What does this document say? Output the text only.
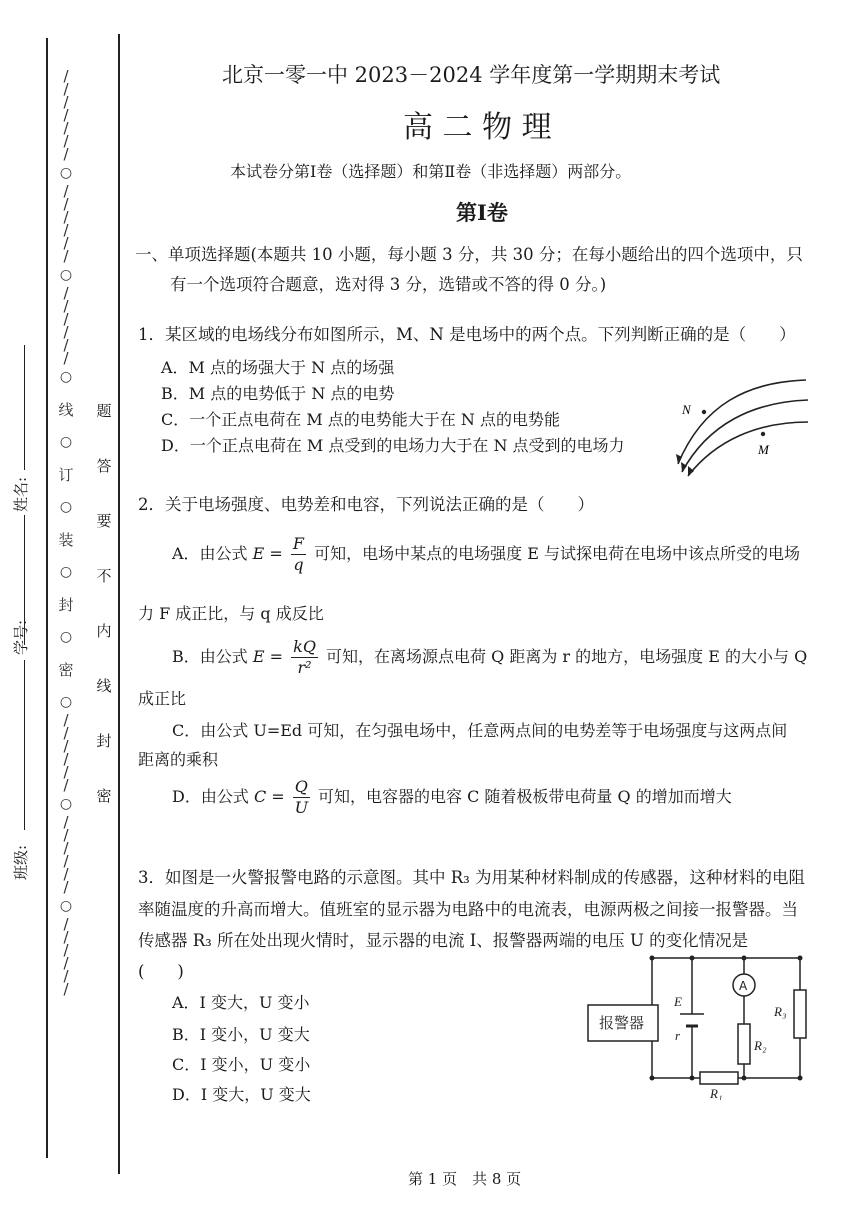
班级:
学号:
姓名:
/
/
/
/
/
/
/
○
/
/
/
/
/
/
○
/
/
/
/
/
/
○
线
○
订
○
装
○
封
○
密
○
/
/
/
/
/
/
○
/
/
/
/
/
/
○
/
/
/
/
/
/
题
答
要
不
内
线
封
密
北京一零一中 2023－2024 学年度第一学期期末考试
高 二 物 理
本试卷分第Ⅰ卷（选择题）和第Ⅱ卷（非选择题）两部分。
第Ⅰ卷
一、单项选择题(本题共 10 小题，每小题 3 分，共 30 分；在每小题给出的四个选项中，只
有一个选项符合题意，选对得 3 分，选错或不答的得 0 分。)
1．某区域的电场线分布如图所示，M、N 是电场中的两个点。下列判断正确的是（　　）
A．M 点的场强大于 N 点的场强
B．M 点的电势低于 N 点的电势
C．一个正点电荷在 M 点的电势能大于在 N 点的电势能
D．一个正点电荷在 M 点受到的电场力大于在 N 点受到的电场力
N
M
2．关于电场强度、电势差和电容，下列说法正确的是（　　）
A．由公式 $E = \frac{F}{q}$ 可知，电场中某点的电场强度 E 与试探电荷在电场中该点所受的电场
力 F 成正比，与 q 成反比
B．由公式 $E = \frac{kQ}{\text{r²}}$ 可知，在离场源点电荷 Q 距离为 r 的地方，电场强度 E 的大小与 Q
成正比
C．由公式 U=Ed 可知，在匀强电场中，任意两点间的电势差等于电场强度与这两点间
距离的乘积
D．由公式 $C = \frac{Q}{U}$ 可知，电容器的电容 C 随着极板带电荷量 Q 的增加而增大
3．如图是一火警报警电路的示意图。其中 R₃ 为用某种材料制成的传感器，这种材料的电阻
率随温度的升高而增大。值班室的显示器为电路中的电流表，电源两极之间接一报警器。当
传感器 R₃ 所在处出现火情时，显示器的电流 I、报警器两端的电压 U 的变化情况是
(　　)
A．I 变大，U 变小
B．I 变小，U 变大
C．I 变小，U 变小
D．I 变大，U 变大
报警器
E
r
A
R₁
R₂
R₃
第 1 页　共 8 页
